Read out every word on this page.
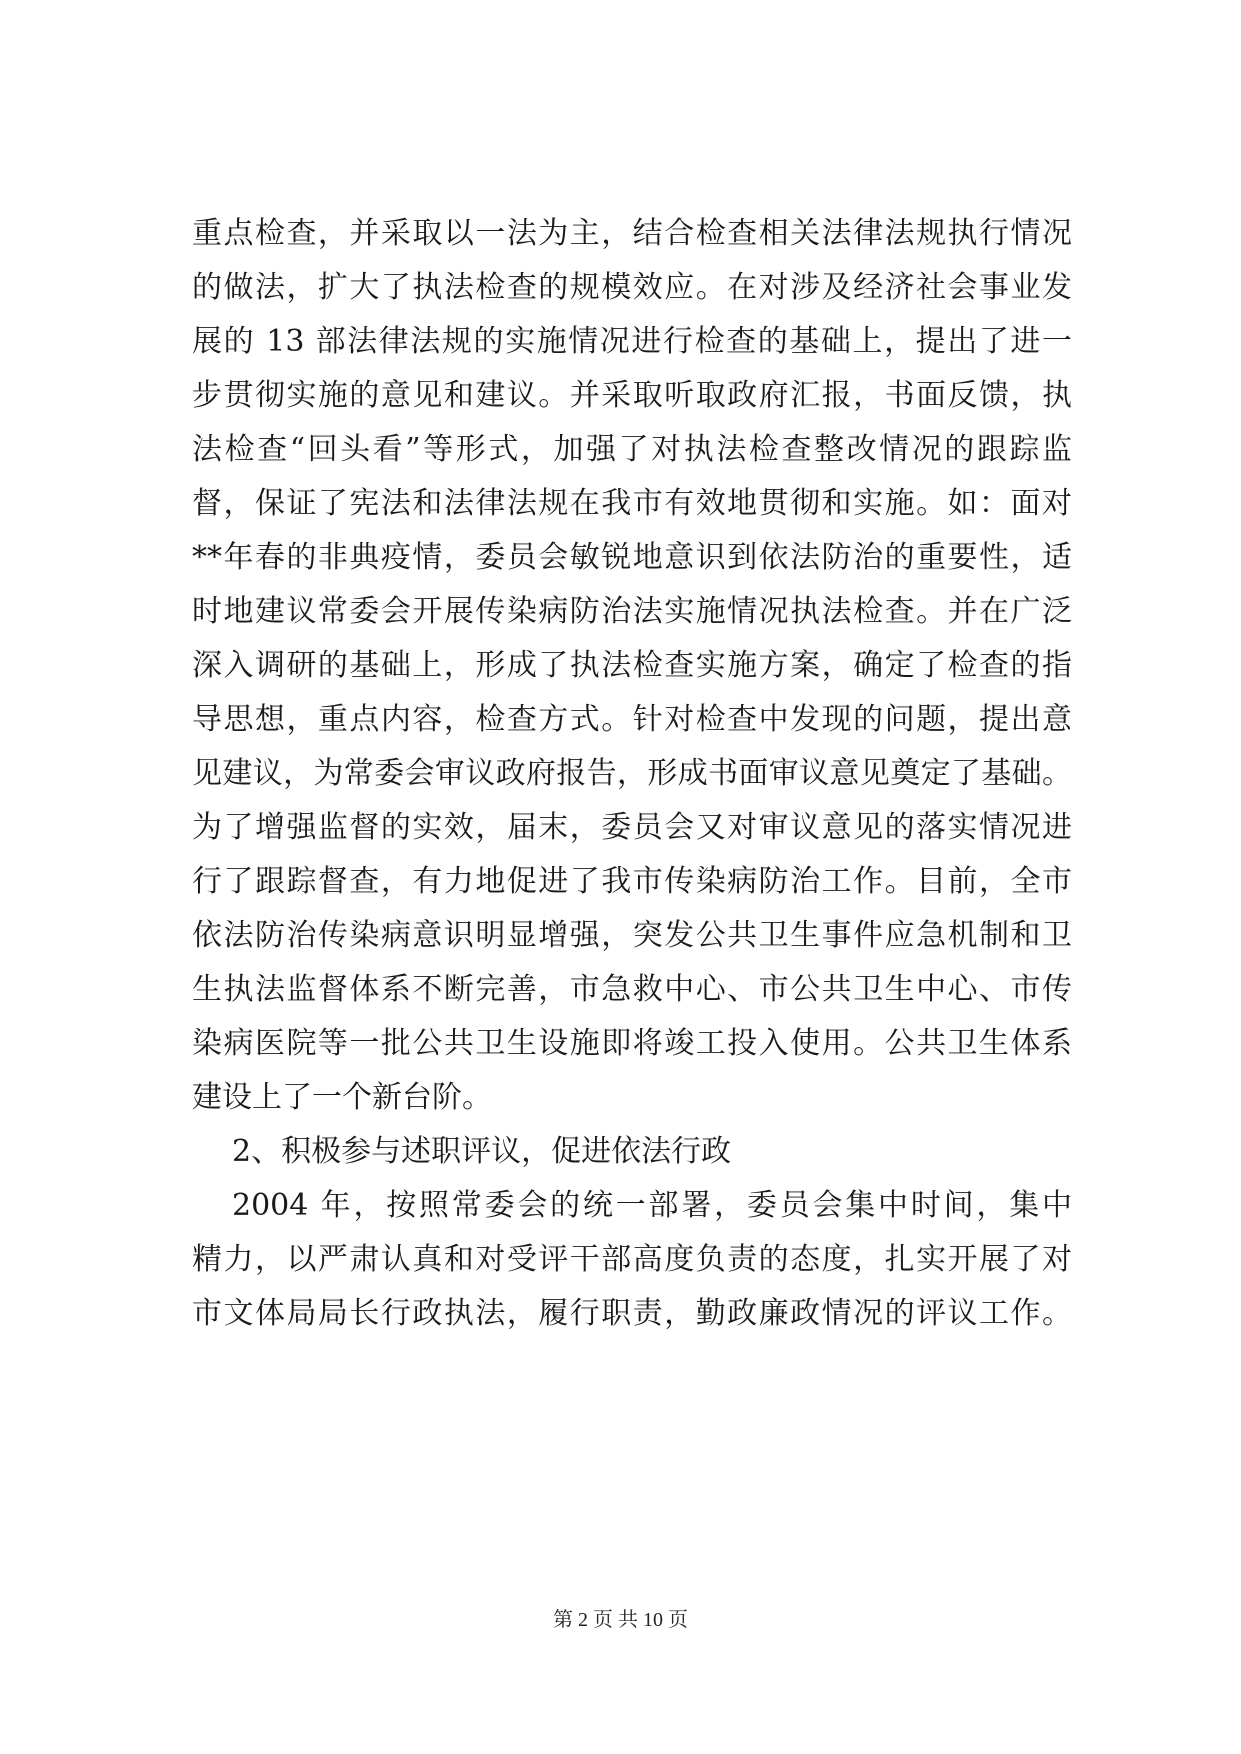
重点检查，并采取以一法为主，结合检查相关法律法规执行情况
的做法，扩大了执法检查的规模效应。在对涉及经济社会事业发
展的 13 部法律法规的实施情况进行检查的基础上，提出了进一
步贯彻实施的意见和建议。并采取听取政府汇报，书面反馈，执
法检查“回头看”等形式，加强了对执法检查整改情况的跟踪监
督，保证了宪法和法律法规在我市有效地贯彻和实施。如：面对
**年春的非典疫情，委员会敏锐地意识到依法防治的重要性，适
时地建议常委会开展传染病防治法实施情况执法检查。并在广泛
深入调研的基础上，形成了执法检查实施方案，确定了检查的指
导思想，重点内容，检查方式。针对检查中发现的问题，提出意
见建议，为常委会审议政府报告，形成书面审议意见奠定了基础。
为了增强监督的实效，届末，委员会又对审议意见的落实情况进
行了跟踪督查，有力地促进了我市传染病防治工作。目前，全市
依法防治传染病意识明显增强，突发公共卫生事件应急机制和卫
生执法监督体系不断完善，市急救中心、市公共卫生中心、市传
染病医院等一批公共卫生设施即将竣工投入使用。公共卫生体系
建设上了一个新台阶。
2、积极参与述职评议，促进依法行政
2004 年，按照常委会的统一部署，委员会集中时间，集中
精力，以严肃认真和对受评干部高度负责的态度，扎实开展了对
市文体局局长行政执法，履行职责，勤政廉政情况的评议工作。
第 2 页 共 10 页
